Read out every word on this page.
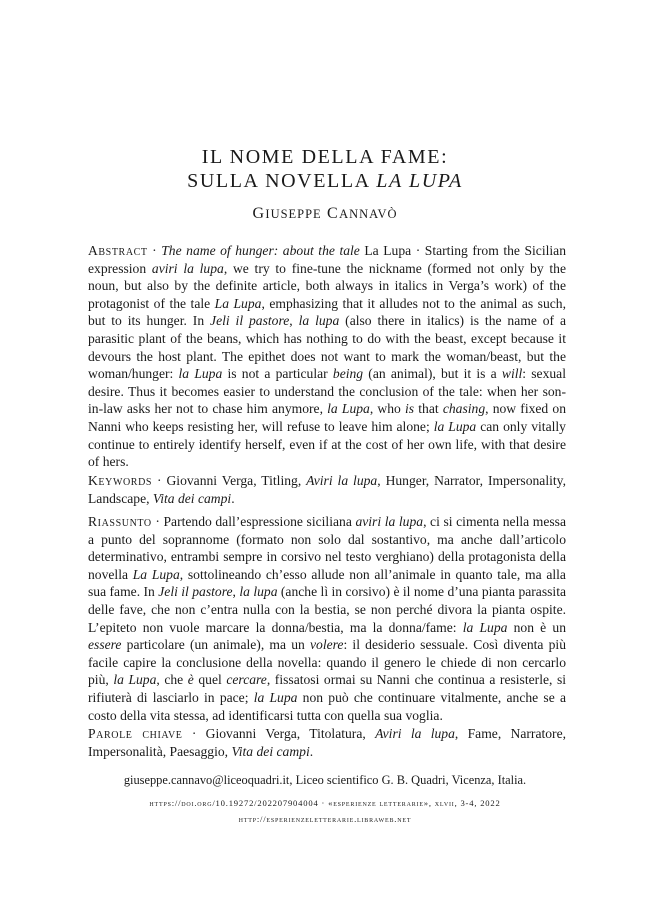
IL NOME DELLA FAME:
SULLA NOVELLA LA LUPA
GIUSEPPE CANNAVÒ
Abstract · The name of hunger: about the tale La Lupa · Starting from the Sicilian expression aviri la lupa, we try to fine-tune the nickname (formed not only by the noun, but also by the definite article, both always in italics in Verga’s work) of the protagonist of the tale La Lupa, emphasizing that it alludes not to the animal as such, but to its hunger. In Jeli il pastore, la lupa (also there in italics) is the name of a parasitic plant of the beans, which has nothing to do with the beast, except because it devours the host plant. The epithet does not want to mark the woman/beast, but the woman/hunger: la Lupa is not a particular being (an animal), but it is a will: sexual desire. Thus it becomes easier to understand the conclusion of the tale: when her son-in-law asks her not to chase him anymore, la Lupa, who is that chasing, now fixed on Nanni who keeps resisting her, will refuse to leave him alone; la Lupa can only vitally continue to entirely identify herself, even if at the cost of her own life, with that desire of hers.
Keywords · Giovanni Verga, Titling, Aviri la lupa, Hunger, Narrator, Impersonality, Landscape, Vita dei campi.
Riassunto · Partendo dall’espressione siciliana aviri la lupa, ci si cimenta nella messa a punto del soprannome (formato non solo dal sostantivo, ma anche dall’articolo determinativo, entrambi sempre in corsivo nel testo verghiano) della protagonista della novella La Lupa, sottolineando ch’esso allude non all’animale in quanto tale, ma alla sua fame. In Jeli il pastore, la lupa (anche lì in corsivo) è il nome d’una pianta parassita delle fave, che non c’entra nulla con la bestia, se non perché divora la pianta ospite. L’epiteto non vuole marcare la donna/bestia, ma la donna/fame: la Lupa non è un essere particolare (un animale), ma un volere: il desiderio sessuale. Così diventa più facile capire la conclusione della novella: quando il genero le chiede di non cercarlo più, la Lupa, che è quel cercare, fissatosi ormai su Nanni che continua a resisterle, si rifiuterà di lasciarlo in pace; la Lupa non può che continuare vitalmente, anche se a costo della vita stessa, ad identificarsi tutta con quella sua voglia.
Parole chiave · Giovanni Verga, Titolatura, Aviri la lupa, Fame, Narratore, Impersonalità, Paesaggio, Vita dei campi.
giuseppe.cannavo@liceoquadri.it, Liceo scientifico G. B. Quadri, Vicenza, Italia.
https://doi.org/10.19272/202207904004 · «esperienze letterarie», xlvii, 3-4, 2022
http://esperienzeletterarie.libraweb.net
